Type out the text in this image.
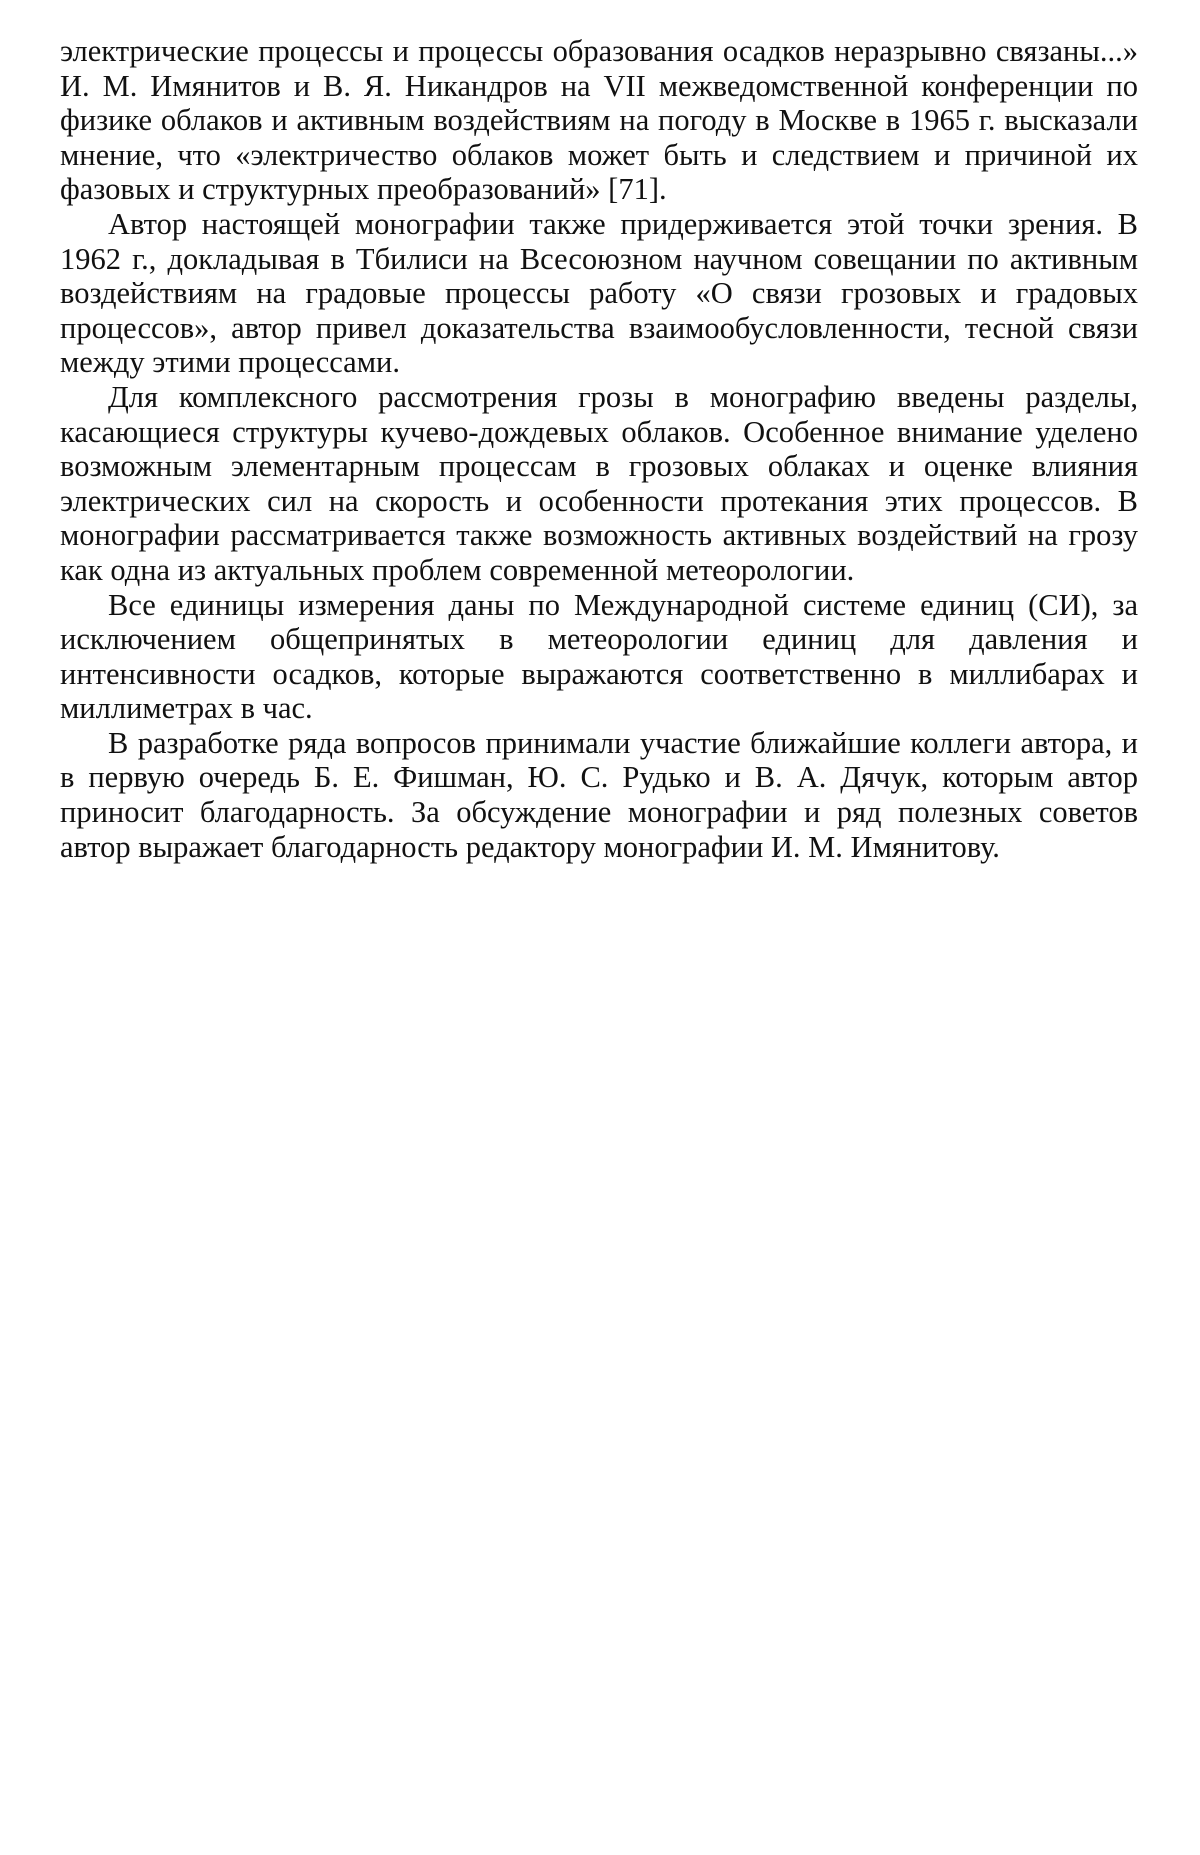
электрические процессы и процессы образования осадков неразрывно связаны...» И. М. Имянитов и В. Я. Никандров на VII межведомственной конференции по физике облаков и активным воздействиям на погоду в Москве в 1965 г. высказали мнение, что «электричество облаков может быть и следствием и причиной их фазовых и структурных преобразований» [71].

Автор настоящей монографии также придерживается этой точки зрения. В 1962 г., докладывая в Тбилиси на Всесоюзном научном совещании по активным воздействиям на градовые процессы работу «О связи грозовых и градовых процессов», автор привел доказательства взаимообусловленности, тесной связи между этими процессами.

Для комплексного рассмотрения грозы в монографию введены разделы, касающиеся структуры кучево-дождевых облаков. Особенное внимание уделено возможным элементарным процессам в грозовых облаках и оценке влияния электрических сил на скорость и особенности протекания этих процессов. В монографии рассматривается также возможность активных воздействий на грозу как одна из актуальных проблем современной метеорологии.

Все единицы измерения даны по Международной системе единиц (СИ), за исключением общепринятых в метеорологии единиц для давления и интенсивности осадков, которые выражаются соответственно в миллибарах и миллиметрах в час.

В разработке ряда вопросов принимали участие ближайшие коллеги автора, и в первую очередь Б. Е. Фишман, Ю. С. Рудько и В. А. Дячук, которым автор приносит благодарность. За обсуждение монографии и ряд полезных советов автор выражает благодарность редактору монографии И. М. Имянитову.
